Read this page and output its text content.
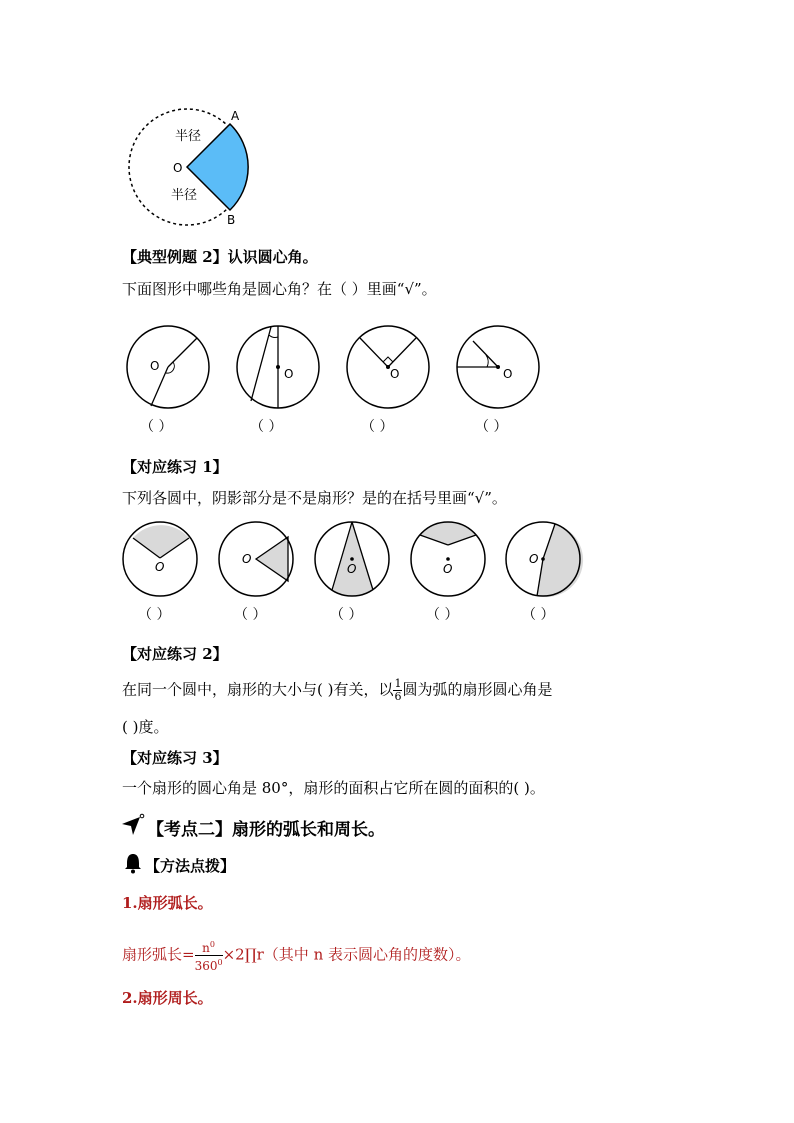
A
B
O
半径
半径
【典型例题 2】认识圆心角。
下面图形中哪些角是圆心角？在（ ）里画“√”。
O
O	O	O
（ ）	（ ）	（ ）	（ ）
【对应练习 1】
下列各圆中，阴影部分是不是扇形？是的在括号里画“√”。
O
O
O	O
O
（ ）	（ ）	（ ）	（ ）	（ ）
【对应练习 2】
在同一个圆中，扇形的大小与( )有关，以 $\frac{1}{6}$ 圆为弧的扇形圆心角是
( )度。
【对应练习 3】
一个扇形的圆心角是 80°，扇形的面积占它所在圆的面积的( )。
【考点二】扇形的弧长和周长。
【方法点拨】
1.扇形弧长。
扇形弧长= $\frac{n^0}{360^0}$ ×2∏r（其中 n 表示圆心角的度数）。
2.扇形周长。
